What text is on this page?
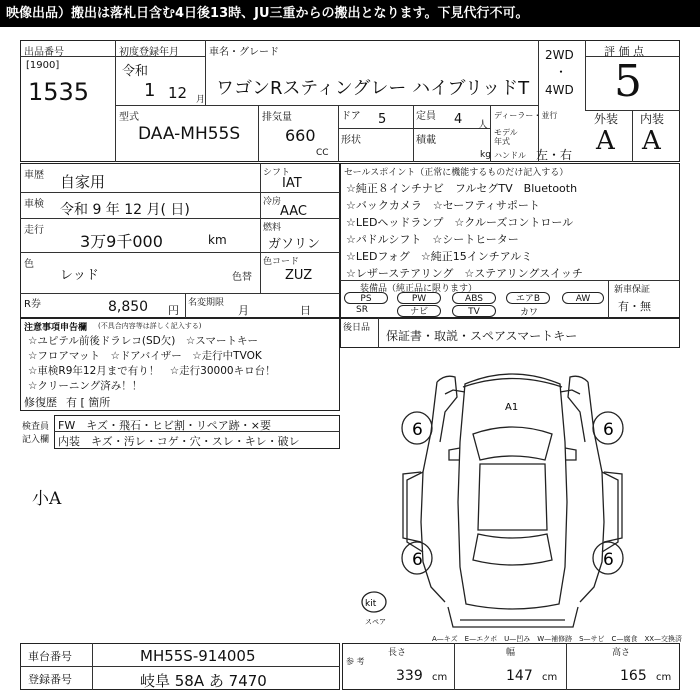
映像出品）搬出は落札日含む4日後13時、JU三重からの搬出となります。下見代行不可。
出品番号
[1900]
1535
初度登録年月
令和
1 12 月
車名・グレード
ワゴンRスティングレー ハイブリッドT
2WD
・
4WD
評 価 点
5
型式
DAA-MH55S
排気量
660
CC
ドア 5	定員 4 人
形状	積載
kg
ディーラー・並行
モデル年式
ハンドル 左・右
外装 内装
A A
車歴 自家用
車検 令和 9 年 12 月( 日)
走行
3万9千000	km
色
レッド	色替
シフト
IAT
冷房
AAC
燃料
ガソリン
色コード
ZUZ
R券	8,850 円
名変期限
月	日
セールスポイント（正常に機能するものだけ記入する）
☆純正８インチナビ　フルセグTV　Bluetooth
☆バックカメラ　☆セーフティサポート
☆LEDヘッドランプ　☆クルーズコントロール
☆パドルシフト　☆シートヒーター
☆LEDフォグ　☆純正15インチアルミ
☆レザーステアリング　☆ステアリングスイッチ
装備品（純正品に限ります）	新車保証
有・無
PS	PW	ABS	エアB	AW
SR	ナビ	TV	カワ
注意事項申告欄 (不具合内容等は詳しく記入する)
☆ユピテル前後ドラレコ(SD欠)　☆スマートキー
☆フロアマット　☆ドアバイザー　☆走行中TVOK
☆車検R9年12月まで有り！　☆走行30000キロ台！
☆クリーニング済み！！
修復歴 有 [ 箇所
後日品
保証書・取説・スペアスマートキー
検査員
記入欄
FW　キズ・飛石・ヒビ割・リペア跡・×要
内装　キズ・汚レ・コゲ・穴・スレ・キレ・破レ
小A
A1
6	6
6	6
kit
スペア
A—キズ　E—エクボ　U—凹み　W—補修跡　S—サビ　C—腐食　XX—交換済
車台番号	MH55S-914005
登録番号	岐阜 58A あ 7470
長さ	幅	高さ
参 考
339 cm	147 cm	165 cm
